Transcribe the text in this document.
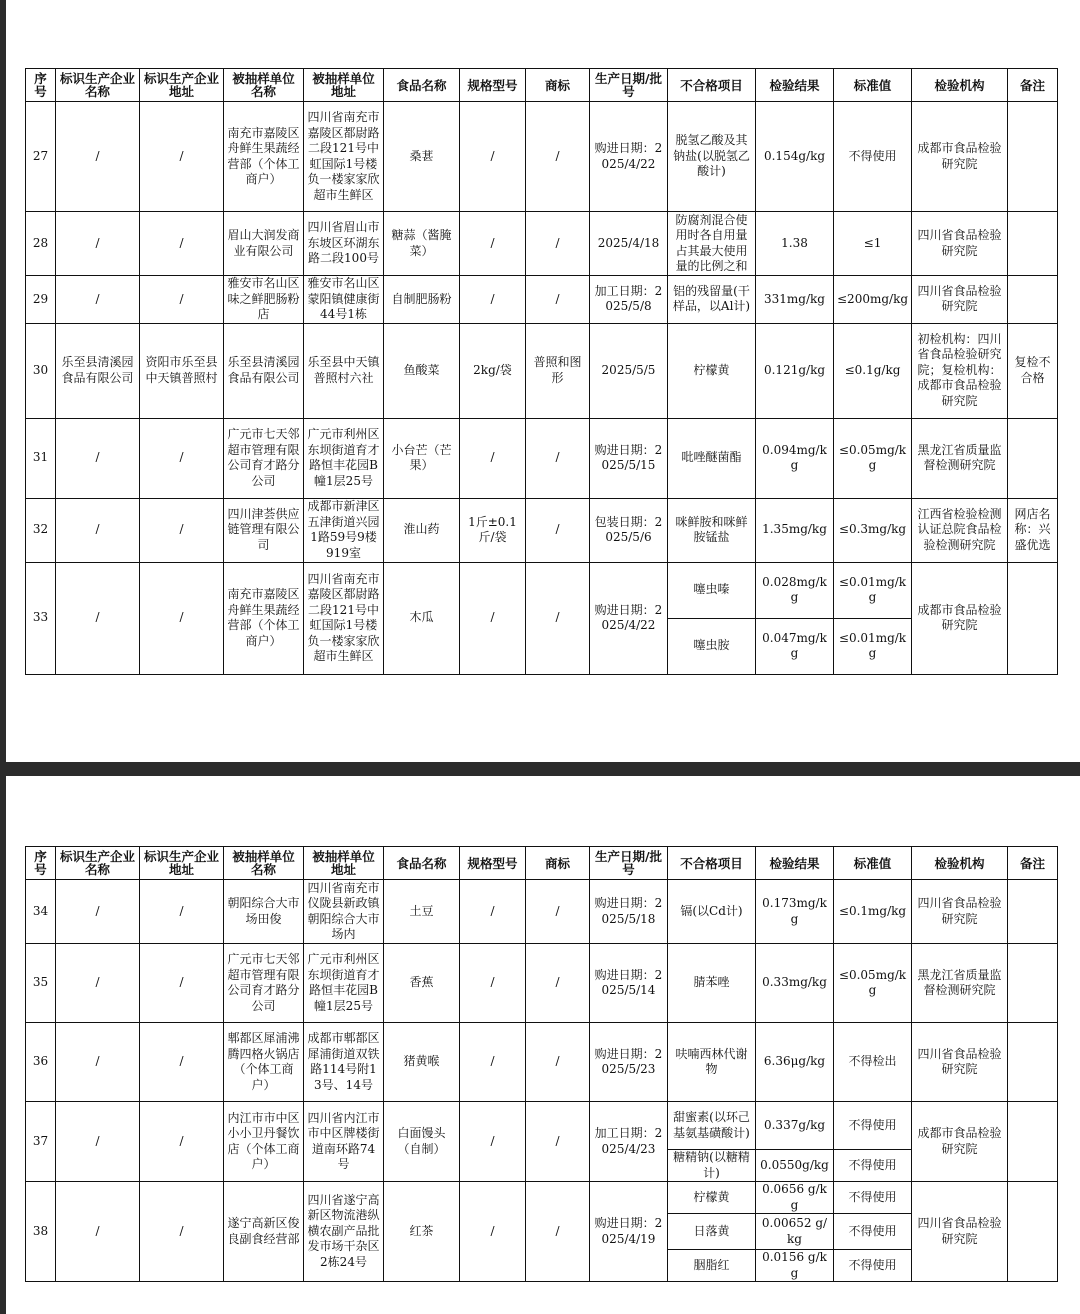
序号	标识生产企业名称	标识生产企业地址	被抽样单位名称	被抽样单位地址	食品名称	规格型号	商标	生产日期/批号	不合格项目	检验结果	标准值	检验机构	备注
27	/	/	南充市嘉陵区舟鲜生果蔬经营部（个体工商户）	四川省南充市嘉陵区都尉路二段121号中虹国际1号楼负一楼家家欣超市生鲜区	桑葚	/	/	购进日期：2025/4/22	脱氢乙酸及其钠盐(以脱氢乙酸计)	0.154g/kg	不得使用	成都市食品检验研究院	
28	/	/	眉山大润发商业有限公司	四川省眉山市东坡区环湖东路二段100号	糖蒜（酱腌菜）	/	/	2025/4/18	防腐剂混合使用时各自用量占其最大使用量的比例之和	1.38	≤1	四川省食品检验研究院	
29	/	/	雅安市名山区味之鲜肥肠粉店	雅安市名山区蒙阳镇健康街44号1栋	自制肥肠粉	/	/	加工日期：2025/5/8	铝的残留量(干样品，以Al计)	331mg/kg	≤200mg/kg	四川省食品检验研究院	
30	乐至县清溪园食品有限公司	资阳市乐至县中天镇普照村	乐至县清溪园食品有限公司	乐至县中天镇普照村六社	鱼酸菜	2kg/袋	普照和图形	2025/5/5	柠檬黄	0.121g/kg	≤0.1g/kg	初检机构：四川省食品检验研究院；复检机构：成都市食品检验研究院	复检不合格
31	/	/	广元市七天邻超市管理有限公司育才路分公司	广元市利州区东坝街道育才路恒丰花园B幢1层25号	小台芒（芒果）	/	/	购进日期：2025/5/15	吡唑醚菌酯	0.094mg/kg	≤0.05mg/kg	黑龙江省质量监督检测研究院	
32	/	/	四川津荟供应链管理有限公司	成都市新津区五津街道兴园1路59号9楼919室	淮山药	1斤±0.1斤/袋	/	包装日期：2025/5/6	咪鲜胺和咪鲜胺锰盐	1.35mg/kg	≤0.3mg/kg	江西省检验检测认证总院食品检验检测研究院	网店名称：兴盛优选
33	/	/	南充市嘉陵区舟鲜生果蔬经营部（个体工商户）	四川省南充市嘉陵区都尉路二段121号中虹国际1号楼负一楼家家欣超市生鲜区	木瓜	/	/	购进日期：2025/4/22	噻虫嗪	0.028mg/kg	≤0.01mg/kg	成都市食品检验研究院	
									噻虫胺	0.047mg/kg	≤0.01mg/kg		
序号	标识生产企业名称	标识生产企业地址	被抽样单位名称	被抽样单位地址	食品名称	规格型号	商标	生产日期/批号	不合格项目	检验结果	标准值	检验机构	备注
34	/	/	朝阳综合大市场田俊	四川省南充市仪陇县新政镇朝阳综合大市场内	土豆	/	/	购进日期：2025/5/18	镉(以Cd计)	0.173mg/kg	≤0.1mg/kg	四川省食品检验研究院	
35	/	/	广元市七天邻超市管理有限公司育才路分公司	广元市利州区东坝街道育才路恒丰花园B幢1层25号	香蕉	/	/	购进日期：2025/5/14	腈苯唑	0.33mg/kg	≤0.05mg/kg	黑龙江省质量监督检测研究院	
36	/	/	郫都区犀浦沸腾四格火锅店（个体工商户）	成都市郫都区犀浦街道双铁路114号附13号、14号	猪黄喉	/	/	购进日期：2025/5/23	呋喃西林代谢物	6.36μg/kg	不得检出	四川省食品检验研究院	
37	/	/	内江市市中区小小卫丹餐饮店（个体工商户）	四川省内江市市中区牌楼街道南环路74号	白面馒头（自制）	/	/	加工日期：2025/4/23	甜蜜素(以环己基氨基磺酸计)	0.337g/kg	不得使用	成都市食品检验研究院	
									糖精钠(以糖精计)	0.0550g/kg	不得使用		
38	/	/	遂宁高新区俊良副食经营部	四川省遂宁高新区物流港纵横农副产品批发市场干杂区2栋24号	红茶	/	/	购进日期：2025/4/19	柠檬黄	0.0656 g/kg	不得使用	四川省食品检验研究院	
									日落黄	0.00652 g/kg	不得使用		
									胭脂红	0.0156 g/kg	不得使用		
